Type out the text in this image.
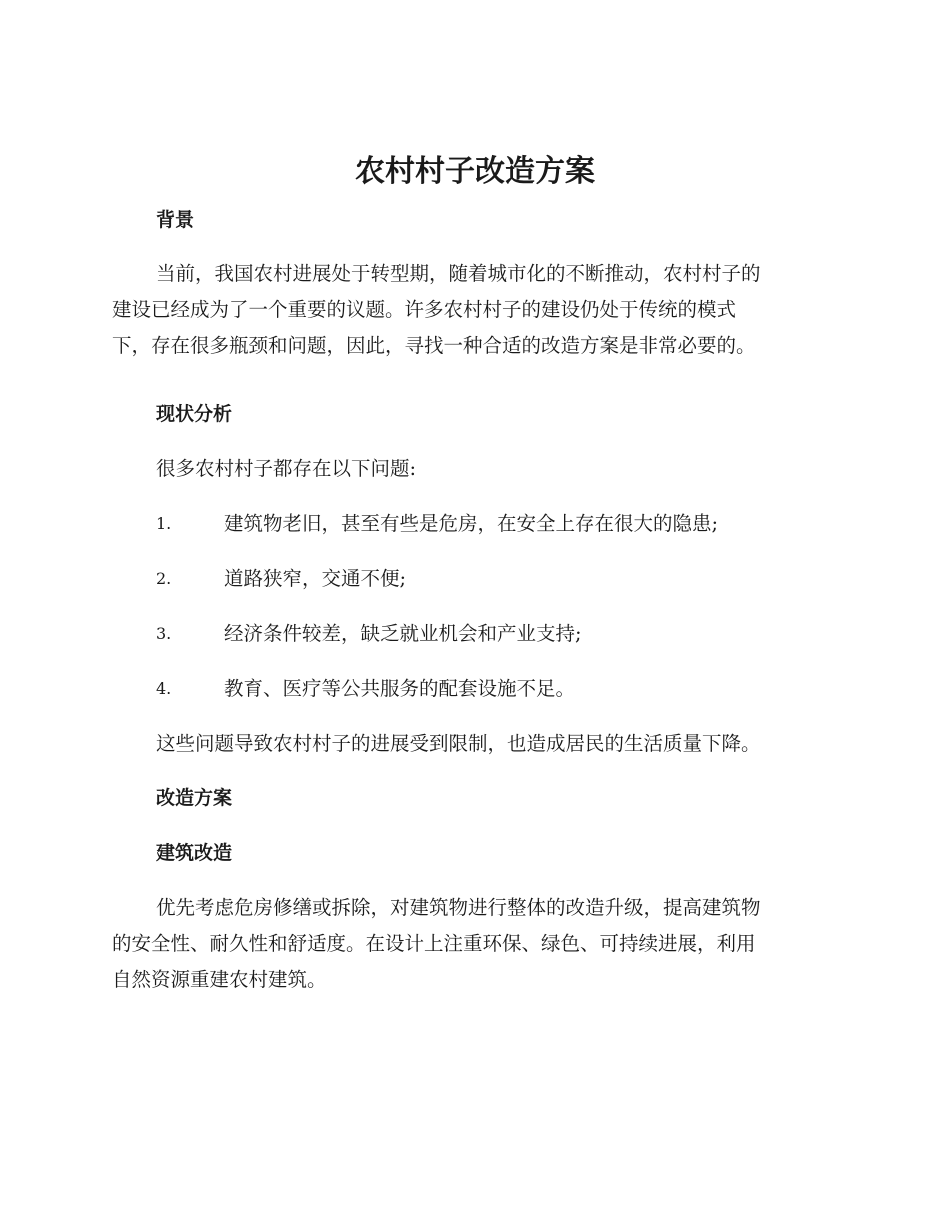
农村村子改造方案
背景

当前，我国农村进展处于转型期，随着城市化的不断推动，农村村子的
建设已经成为了一个重要的议题。许多农村村子的建设仍处于传统的模式
下，存在很多瓶颈和问题，因此，寻找一种合适的改造方案是非常必要的。

现状分析

很多农村村子都存在以下问题:

1.	建筑物老旧，甚至有些是危房，在安全上存在很大的隐患;
2.	道路狭窄，交通不便;
3.	经济条件较差，缺乏就业机会和产业支持;
4.	教育、医疗等公共服务的配套设施不足。

这些问题导致农村村子的进展受到限制，也造成居民的生活质量下降。

改造方案
建筑改造

优先考虑危房修缮或拆除，对建筑物进行整体的改造升级，提高建筑物
的安全性、耐久性和舒适度。在设计上注重环保、绿色、可持续进展，利用
自然资源重建农村建筑。
